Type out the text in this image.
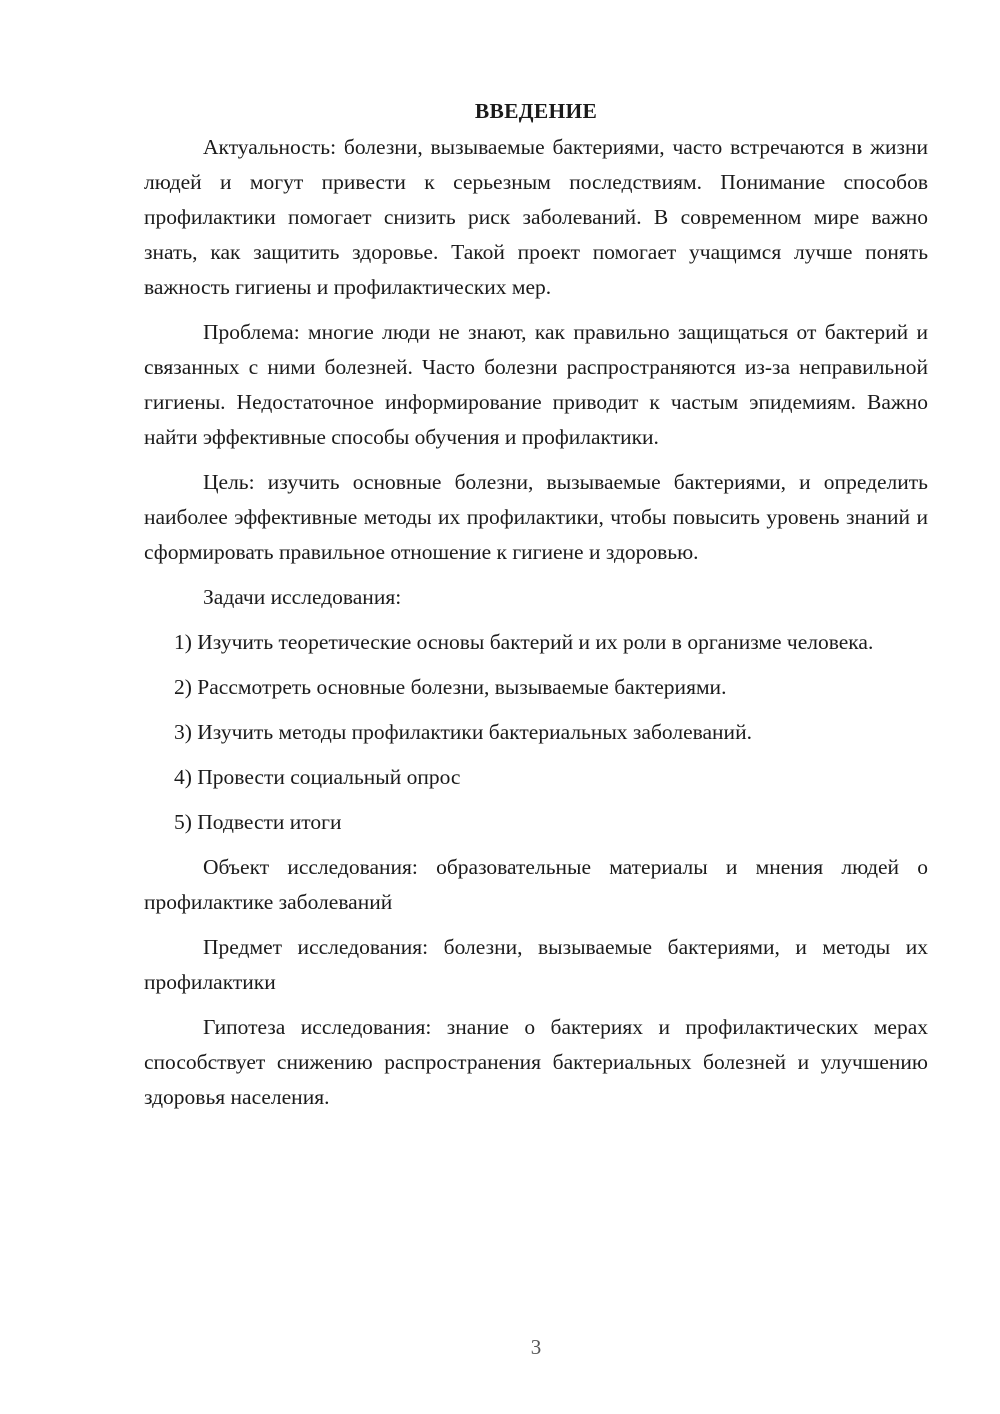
ВВЕДЕНИЕ

Актуальность: болезни, вызываемые бактериями, часто встречаются в жизни людей и могут привести к серьезным последствиям. Понимание способов профилактики помогает снизить риск заболеваний. В современном мире важно знать, как защитить здоровье. Такой проект помогает учащимся лучше понять важность гигиены и профилактических мер.

Проблема: многие люди не знают, как правильно защищаться от бактерий и связанных с ними болезней. Часто болезни распространяются из-за неправильной гигиены. Недостаточное информирование приводит к частым эпидемиям. Важно найти эффективные способы обучения и профилактики.

Цель: изучить основные болезни, вызываемые бактериями, и определить наиболее эффективные методы их профилактики, чтобы повысить уровень знаний и сформировать правильное отношение к гигиене и здоровью.

Задачи исследования:

1) Изучить теоретические основы бактерий и их роли в организме человека.

2) Рассмотреть основные болезни, вызываемые бактериями.

3) Изучить методы профилактики бактериальных заболеваний.

4) Провести социальный опрос

5) Подвести итоги

Объект исследования: образовательные материалы и мнения людей о профилактике заболеваний

Предмет исследования: болезни, вызываемые бактериями, и методы их профилактики

Гипотеза исследования: знание о бактериях и профилактических мерах способствует снижению распространения бактериальных болезней и улучшению здоровья населения.

3
